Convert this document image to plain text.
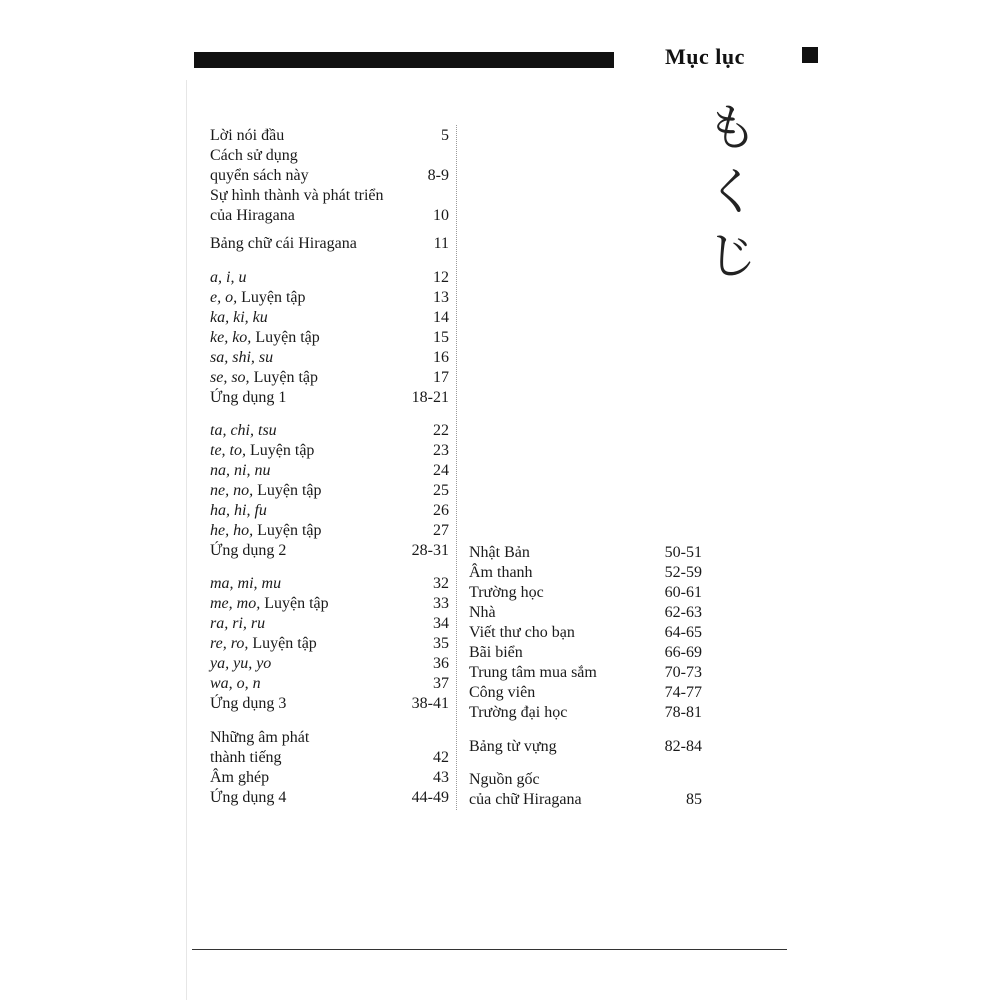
Mục lục
も
く
じ
Lời nói đầu	5
Cách sử dụng
quyển sách này	8-9
Sự hình thành và phát triển
của Hiragana	10
Bảng chữ cái Hiragana	11
a, i, u	12
e, o, Luyện tập	13
ka, ki, ku	14
ke, ko, Luyện tập	15
sa, shi, su	16
se, so, Luyện tập	17
Ứng dụng 1	18-21
ta, chi, tsu	22
te, to, Luyện tập	23
na, ni, nu	24
ne, no, Luyện tập	25
ha, hi, fu	26
he, ho, Luyện tập	27
Ứng dụng 2	28-31
ma, mi, mu	32
me, mo, Luyện tập	33
ra, ri, ru	34
re, ro, Luyện tập	35
ya, yu, yo	36
wa, o, n	37
Ứng dụng 3	38-41
Những âm phát
thành tiếng	42
Âm ghép	43
Ứng dụng 4	44-49
Nhật Bản	50-51
Âm thanh	52-59
Trường học	60-61
Nhà	62-63
Viết thư cho bạn	64-65
Bãi biển	66-69
Trung tâm mua sắm	70-73
Công viên	74-77
Trường đại học	78-81
Bảng từ vựng	82-84
Nguồn gốc
của chữ Hiragana	85
